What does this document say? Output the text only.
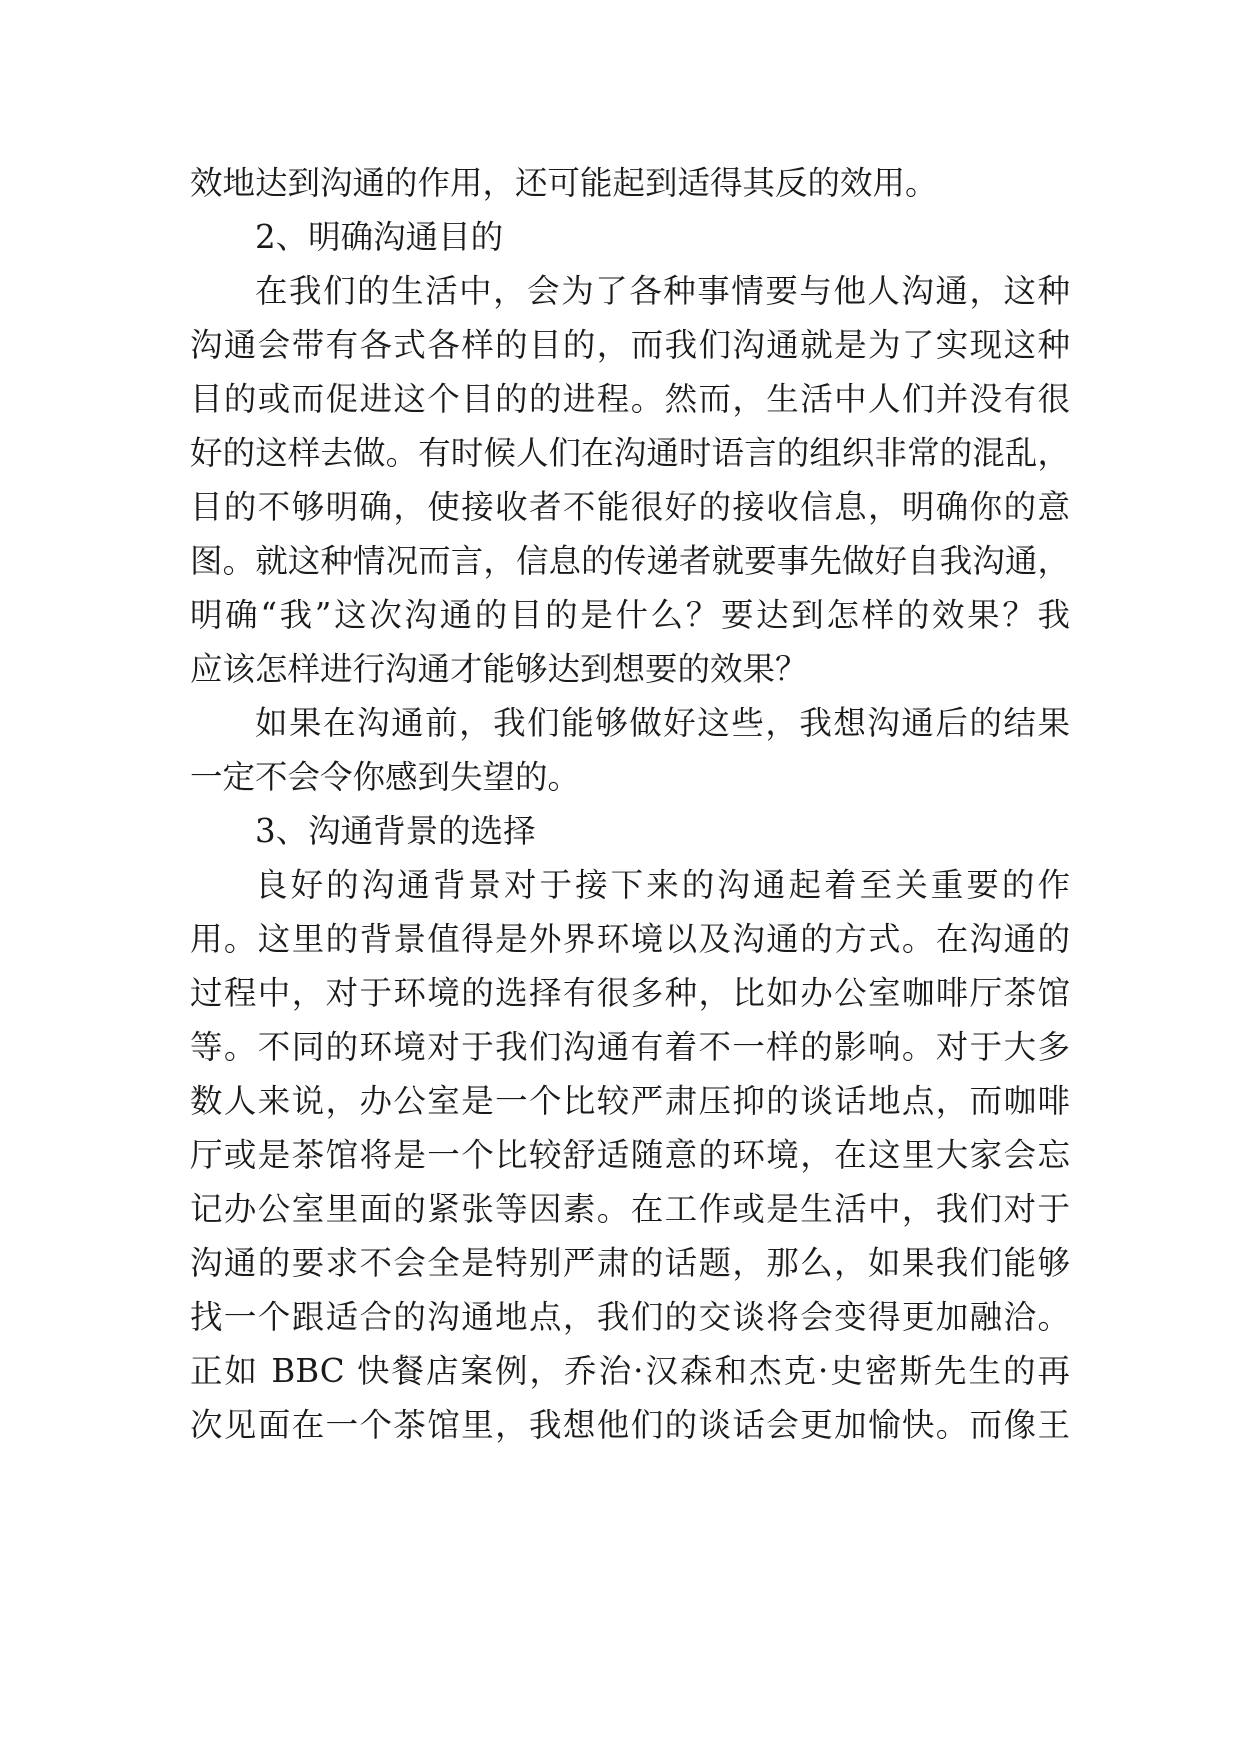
效地达到沟通的作用，还可能起到适得其反的效用。
2、明确沟通目的
在我们的生活中，会为了各种事情要与他人沟通，这种
沟通会带有各式各样的目的，而我们沟通就是为了实现这种
目的或而促进这个目的的进程。然而，生活中人们并没有很
好的这样去做。有时候人们在沟通时语言的组织非常的混乱，
目的不够明确，使接收者不能很好的接收信息，明确你的意
图。就这种情况而言，信息的传递者就要事先做好自我沟通，
明确“我”这次沟通的目的是什么？要达到怎样的效果？我
应该怎样进行沟通才能够达到想要的效果？
如果在沟通前，我们能够做好这些，我想沟通后的结果
一定不会令你感到失望的。
3、沟通背景的选择
良好的沟通背景对于接下来的沟通起着至关重要的作
用。这里的背景值得是外界环境以及沟通的方式。在沟通的
过程中，对于环境的选择有很多种，比如办公室咖啡厅茶馆
等。不同的环境对于我们沟通有着不一样的影响。对于大多
数人来说，办公室是一个比较严肃压抑的谈话地点，而咖啡
厅或是茶馆将是一个比较舒适随意的环境，在这里大家会忘
记办公室里面的紧张等因素。在工作或是生活中，我们对于
沟通的要求不会全是特别严肃的话题，那么，如果我们能够
找一个跟适合的沟通地点，我们的交谈将会变得更加融洽。
正如 BBC 快餐店案例，乔治·汉森和杰克·史密斯先生的再
次见面在一个茶馆里，我想他们的谈话会更加愉快。而像王
